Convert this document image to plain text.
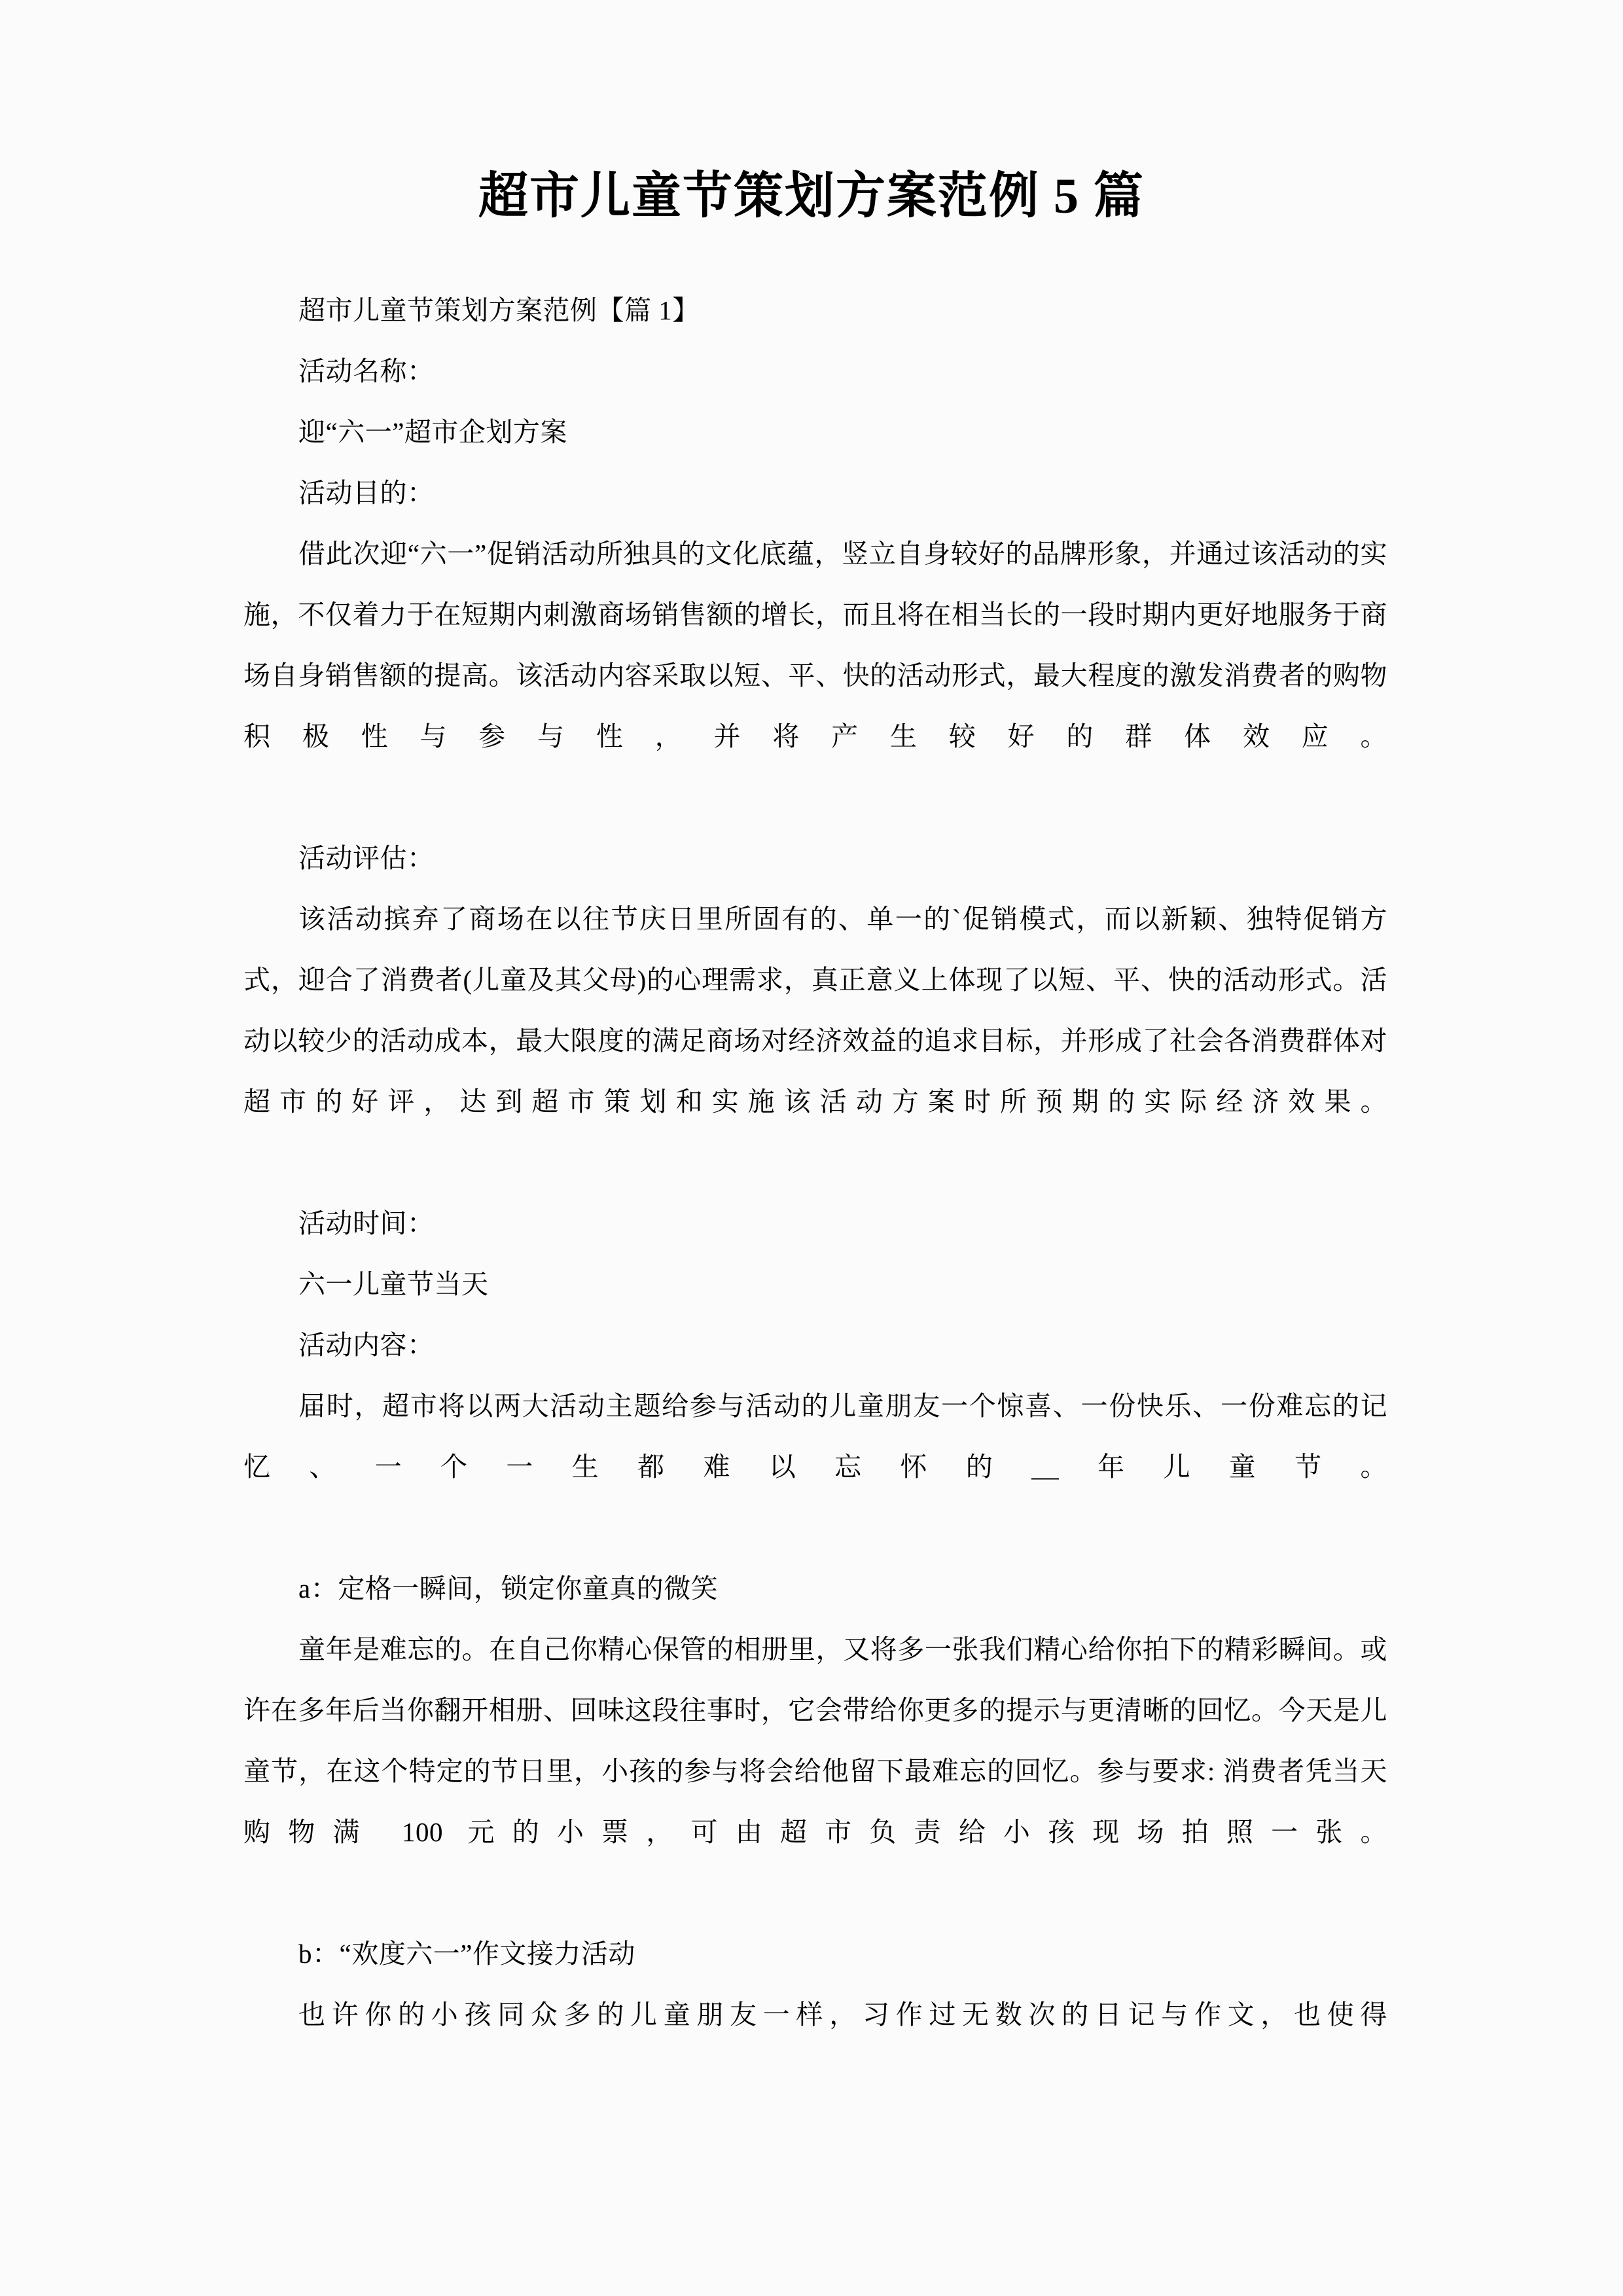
超市儿童节策划方案范例 5 篇

超市儿童节策划方案范例【篇 1】

活动名称：

迎“六一”超市企划方案

活动目的：

借此次迎“六一”促销活动所独具的文化底蕴，竖立自身较好的品牌形象，并通过该活动的实施，不仅着力于在短期内刺激商场销售额的增长，而且将在相当长的一段时期内更好地服务于商场自身销售额的提高。该活动内容采取以短、平、快的活动形式，最大程度的激发消费者的购物积极性与参与性，并将产生较好的群体效应。

活动评估：

该活动摈弃了商场在以往节庆日里所固有的、单一的`促销模式，而以新颖、独特促销方式，迎合了消费者(儿童及其父母)的心理需求，真正意义上体现了以短、平、快的活动形式。活动以较少的活动成本，最大限度的满足商场对经济效益的追求目标，并形成了社会各消费群体对超市的好评，达到超市策划和实施该活动方案时所预期的实际经济效果。

活动时间：

六一儿童节当天

活动内容：

届时，超市将以两大活动主题给参与活动的儿童朋友一个惊喜、一份快乐、一份难忘的记忆、一个一生都难以忘怀的__年儿童节。

a：定格一瞬间，锁定你童真的微笑

童年是难忘的。在自己你精心保管的相册里，又将多一张我们精心给你拍下的精彩瞬间。或许在多年后当你翻开相册、回味这段往事时，它会带给你更多的提示与更清晰的回忆。今天是儿童节，在这个特定的节日里，小孩的参与将会给他留下最难忘的回忆。参与要求: 消费者凭当天购物满 100 元的小票，可由超市负责给小孩现场拍照一张。

b：“欢度六一”作文接力活动

也许你的小孩同众多的儿童朋友一样，习作过无数次的日记与作文，也使得
